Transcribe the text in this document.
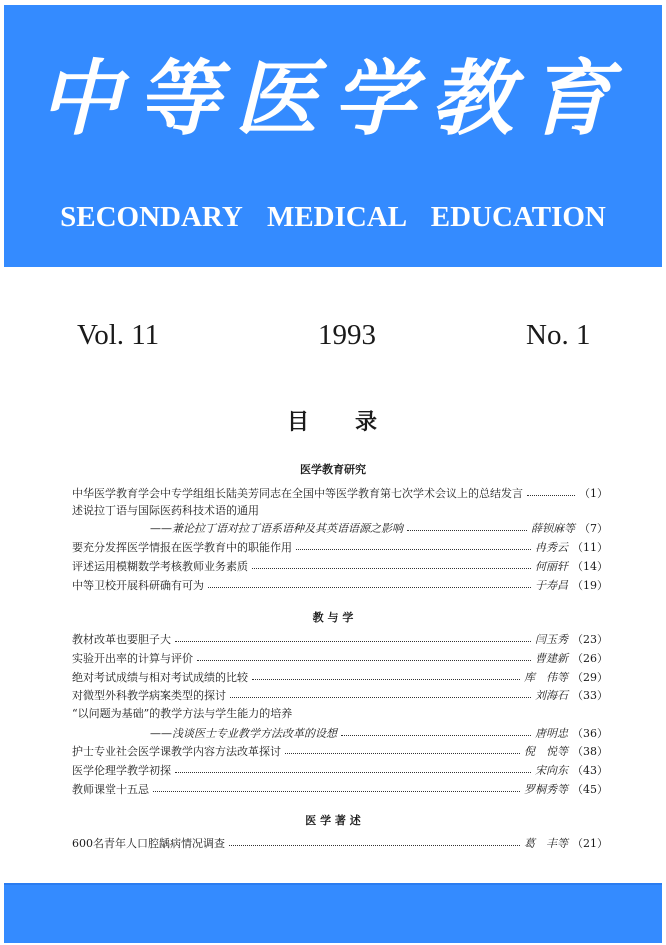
中等医学教育
SECONDARY MEDICAL EDUCATION
Vol. 11	1993	No. 1
目 录
医学教育研究
中华医学教育学会中专学组组长陆美芳同志在全国中等医学教育第七次学术会议上的总结发言	（1）
述说拉丁语与国际医药科技术语的通用
——兼论拉丁语对拉丁语系语种及其英语语源之影响	薛钡麻等 （7）
要充分发挥医学情报在医学教育中的职能作用	冉秀云 （11）
评述运用模糊数学考核教师业务素质	何丽轩 （14）
中等卫校开展科研确有可为	于寿昌 （19）
教 与 学
教材改革也要胆子大	闫玉秀 （23）
实验开出率的计算与评价	曹建新 （26）
绝对考试成绩与相对考试成绩的比较	库　伟等 （29）
对微型外科教学病案类型的探讨	刘海石 （33）
“以问题为基础”的教学方法与学生能力的培养
——浅谈医士专业教学方法改革的设想	唐明忠 （36）
护士专业社会医学课教学内容方法改革探讨	倪　悦等 （38）
医学伦理学教学初探	宋向东 （43）
教师课堂十五忌	罗桐秀等 （45）
医 学 著 述
600名青年人口腔龋病情况调查	葛　丰等 （21）
